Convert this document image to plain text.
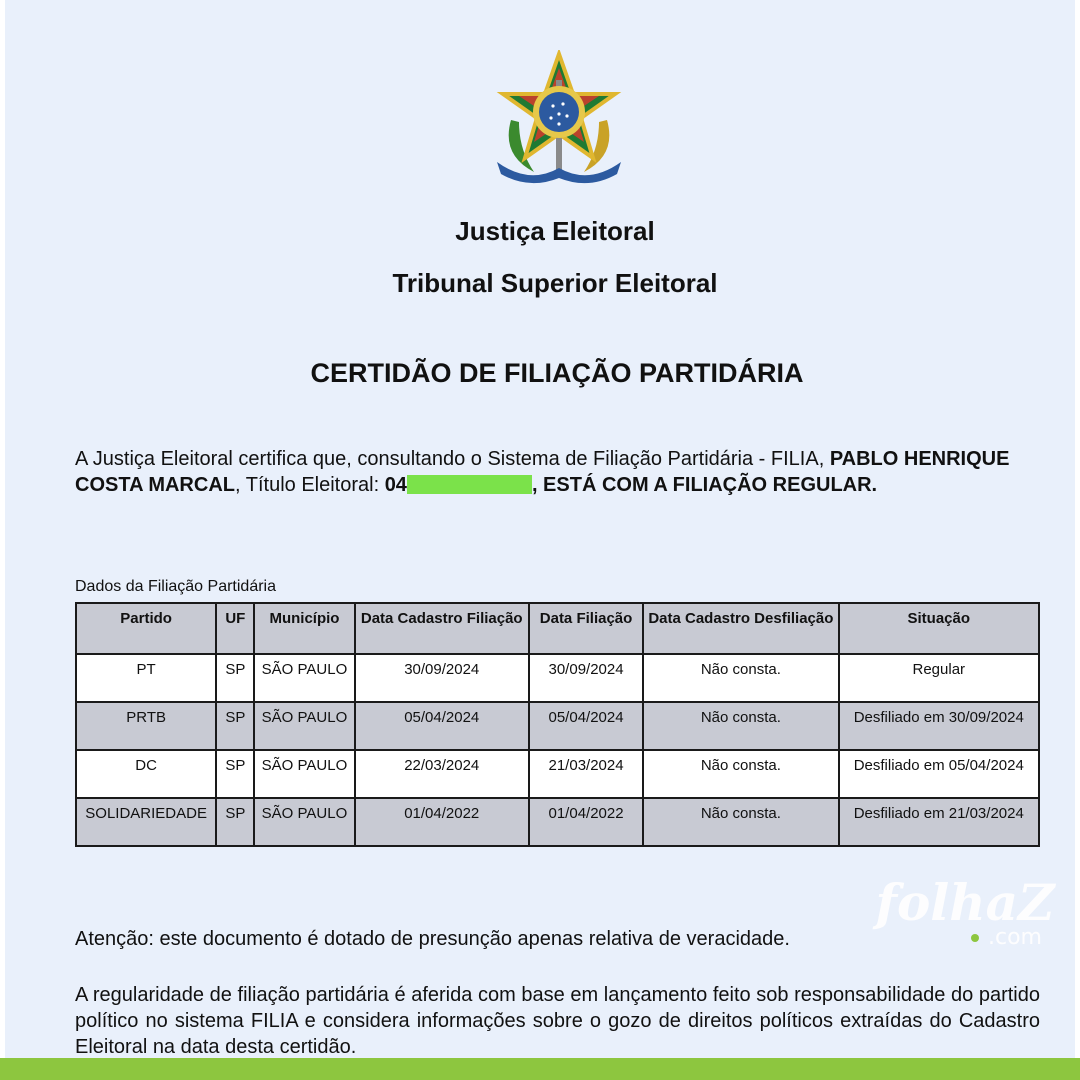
Justiça Eleitoral
Tribunal Superior Eleitoral
CERTIDÃO DE FILIAÇÃO PARTIDÁRIA
A Justiça Eleitoral certifica que, consultando o Sistema de Filiação Partidária - FILIA, PABLO HENRIQUE COSTA MARCAL, Título Eleitoral: 04	, ESTÁ COM A FILIAÇÃO REGULAR.
Dados da Filiação Partidária
Partido	UF	Município	Data Cadastro Filiação	Data Filiação	Data Cadastro Desfiliação	Situação
PT	SP	SÃO PAULO	30/09/2024	30/09/2024	Não consta.	Regular
PRTB	SP	SÃO PAULO	05/04/2024	05/04/2024	Não consta.	Desfiliado em 30/09/2024
DC	SP	SÃO PAULO	22/03/2024	21/03/2024	Não consta.	Desfiliado em 05/04/2024
SOLIDARIEDADE	SP	SÃO PAULO	01/04/2022	01/04/2022	Não consta.	Desfiliado em 21/03/2024
Atenção: este documento é dotado de presunção apenas relativa de veracidade.
A regularidade de filiação partidária é aferida com base em lançamento feito sob responsabilidade do partido político no sistema FILIA e considera informações sobre o gozo de direitos políticos extraídas do Cadastro Eleitoral na data desta certidão.
folhaZ
.com
